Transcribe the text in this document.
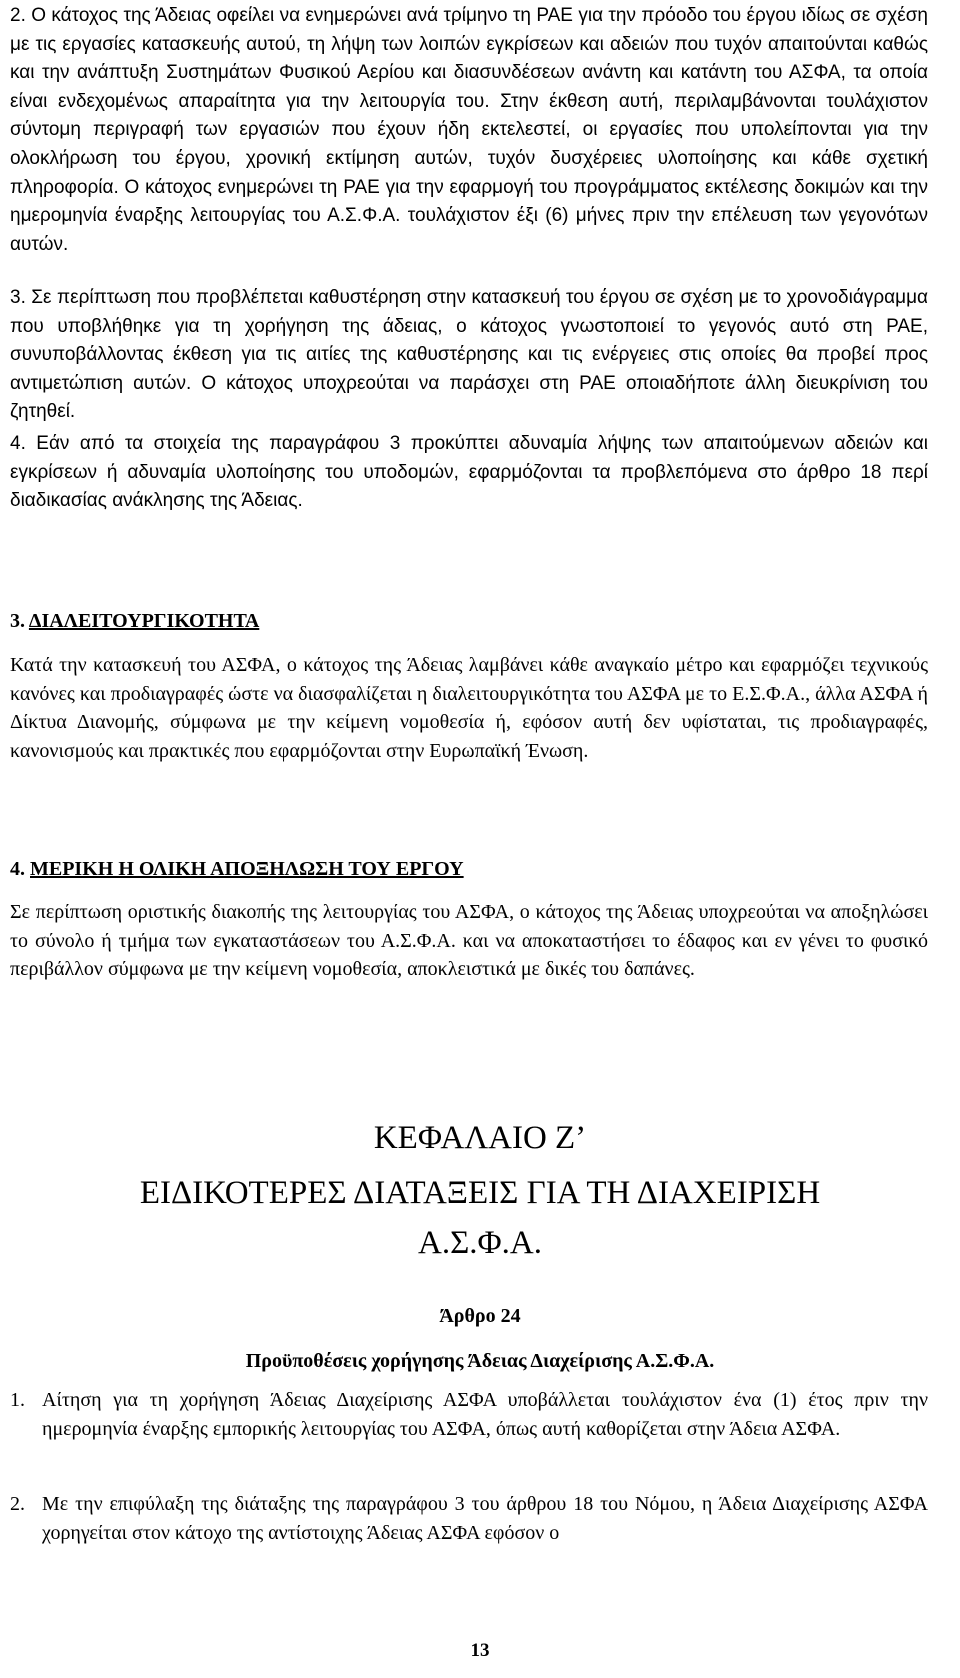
2. Ο κάτοχος της Άδειας οφείλει να ενημερώνει ανά τρίμηνο τη ΡΑΕ για την πρόοδο του έργου ιδίως σε σχέση με τις εργασίες κατασκευής αυτού, τη λήψη των λοιπών εγκρίσεων και αδειών που τυχόν απαιτούνται καθώς και την ανάπτυξη Συστημάτων Φυσικού Αερίου και διασυνδέσεων ανάντη και κατάντη του ΑΣΦΑ, τα οποία είναι ενδεχομένως απαραίτητα για την λειτουργία του. Στην έκθεση αυτή, περιλαμβάνονται τουλάχιστον σύντομη περιγραφή των εργασιών που έχουν ήδη εκτελεστεί, οι εργασίες που υπολείπονται για την ολοκλήρωση του έργου, χρονική εκτίμηση αυτών, τυχόν δυσχέρειες υλοποίησης και κάθε σχετική πληροφορία. Ο κάτοχος ενημερώνει τη ΡΑΕ για την εφαρμογή του προγράμματος εκτέλεσης δοκιμών και την ημερομηνία έναρξης λειτουργίας του Α.Σ.Φ.Α. τουλάχιστον έξι (6) μήνες πριν την επέλευση των γεγονότων αυτών.

3. Σε περίπτωση που προβλέπεται καθυστέρηση στην κατασκευή του έργου σε σχέση με το χρονοδιάγραμμα που υποβλήθηκε για τη χορήγηση της άδειας, ο κάτοχος γνωστοποιεί το γεγονός αυτό στη ΡΑΕ, συνυποβάλλοντας έκθεση για τις αιτίες της καθυστέρησης και τις ενέργειες στις οποίες θα προβεί προς αντιμετώπιση αυτών. Ο κάτοχος υποχρεούται να παράσχει στη ΡΑΕ οποιαδήποτε άλλη διευκρίνιση του ζητηθεί.

4. Εάν από τα στοιχεία της παραγράφου 3 προκύπτει αδυναμία λήψης των απαιτούμενων αδειών και εγκρίσεων ή αδυναμία υλοποίησης του υποδομών, εφαρμόζονται τα προβλεπόμενα στο άρθρο 18 περί διαδικασίας ανάκλησης της Άδειας.

3. ΔΙΑΛΕΙΤΟΥΡΓΙΚΟΤΗΤΑ

Κατά την κατασκευή του ΑΣΦΑ, ο κάτοχος της Άδειας λαμβάνει κάθε αναγκαίο μέτρο και εφαρμόζει τεχνικούς κανόνες και προδιαγραφές ώστε να διασφαλίζεται η διαλειτουργικότητα του ΑΣΦΑ με το Ε.Σ.Φ.Α., άλλα ΑΣΦΑ ή Δίκτυα Διανομής, σύμφωνα με την κείμενη νομοθεσία ή, εφόσον αυτή δεν υφίσταται, τις προδιαγραφές, κανονισμούς και πρακτικές που εφαρμόζονται στην Ευρωπαϊκή Ένωση.

4. ΜΕΡΙΚΗ Η ΟΛΙΚΗ ΑΠΟΞΗΛΩΣΗ ΤΟΥ ΕΡΓΟΥ

Σε περίπτωση οριστικής διακοπής της λειτουργίας του ΑΣΦΑ, ο κάτοχος της Άδειας υποχρεούται να αποξηλώσει το σύνολο ή τμήμα των εγκαταστάσεων του Α.Σ.Φ.Α. και να αποκαταστήσει το έδαφος και εν γένει το φυσικό περιβάλλον σύμφωνα με την κείμενη νομοθεσία, αποκλειστικά με δικές του δαπάνες.

ΚΕΦΑΛΑΙΟ Ζ’

ΕΙΔΙΚΟΤΕΡΕΣ ΔΙΑΤΑΞΕΙΣ ΓΙΑ ΤΗ ΔΙΑΧΕΙΡΙΣΗ

Α.Σ.Φ.Α.

Άρθρο 24

Προϋποθέσεις χορήγησης Άδειας Διαχείρισης Α.Σ.Φ.Α.

1. Αίτηση για τη χορήγηση Άδειας Διαχείρισης ΑΣΦΑ υποβάλλεται τουλάχιστον ένα (1) έτος πριν την ημερομηνία έναρξης εμπορικής λειτουργίας του ΑΣΦΑ, όπως αυτή καθορίζεται στην Άδεια ΑΣΦΑ.
2. Με την επιφύλαξη της διάταξης της παραγράφου 3 του άρθρου 18 του Νόμου, η Άδεια Διαχείρισης ΑΣΦΑ χορηγείται στον κάτοχο της αντίστοιχης Άδειας ΑΣΦΑ εφόσον ο

13
